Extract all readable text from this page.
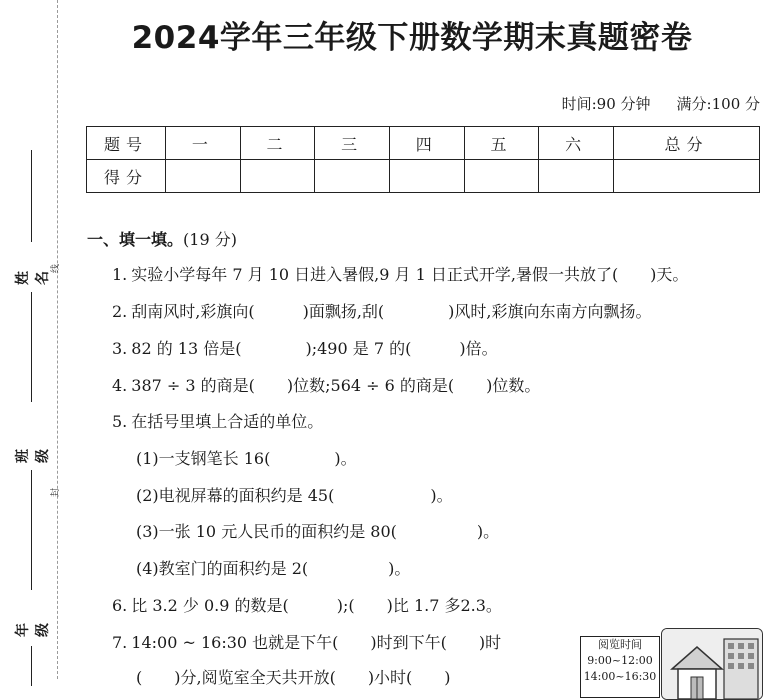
姓名
线
班级
封
年级
2024学年三年级下册数学期末真题密卷
时间:90 分钟 满分:100 分
题号	一	二	三	四	五	六	总分
得分							
一、填一填。(19 分)
1. 实验小学每年 7 月 10 日进入暑假,9 月 1 日正式开学,暑假一共放了(　　)天。
2. 刮南风时,彩旗向(　　　)面飘扬,刮(　　　　)风时,彩旗向东南方向飘扬。
3. 82 的 13 倍是(　　　　);490 是 7 的(　　　)倍。
4. 387 ÷ 3 的商是(　　)位数;564 ÷ 6 的商是(　　)位数。
5. 在括号里填上合适的单位。
(1)一支钢笔长 16(　　　　)。
(2)电视屏幕的面积约是 45(　　　　　　)。
(3)一张 10 元人民币的面积约是 80(　　　　　)。
(4)教室门的面积约是 2(　　　　　)。
6. 比 3.2 少 0.9 的数是(　　　);(　　)比 1.7 多2.3。
7. 14:00 ~ 16:30 也就是下午(　　)时到下午(　　)时
(　　)分,阅览室全天共开放(　　)小时(　　)
阅览时间
9:00~12:00
14:00~16:30
